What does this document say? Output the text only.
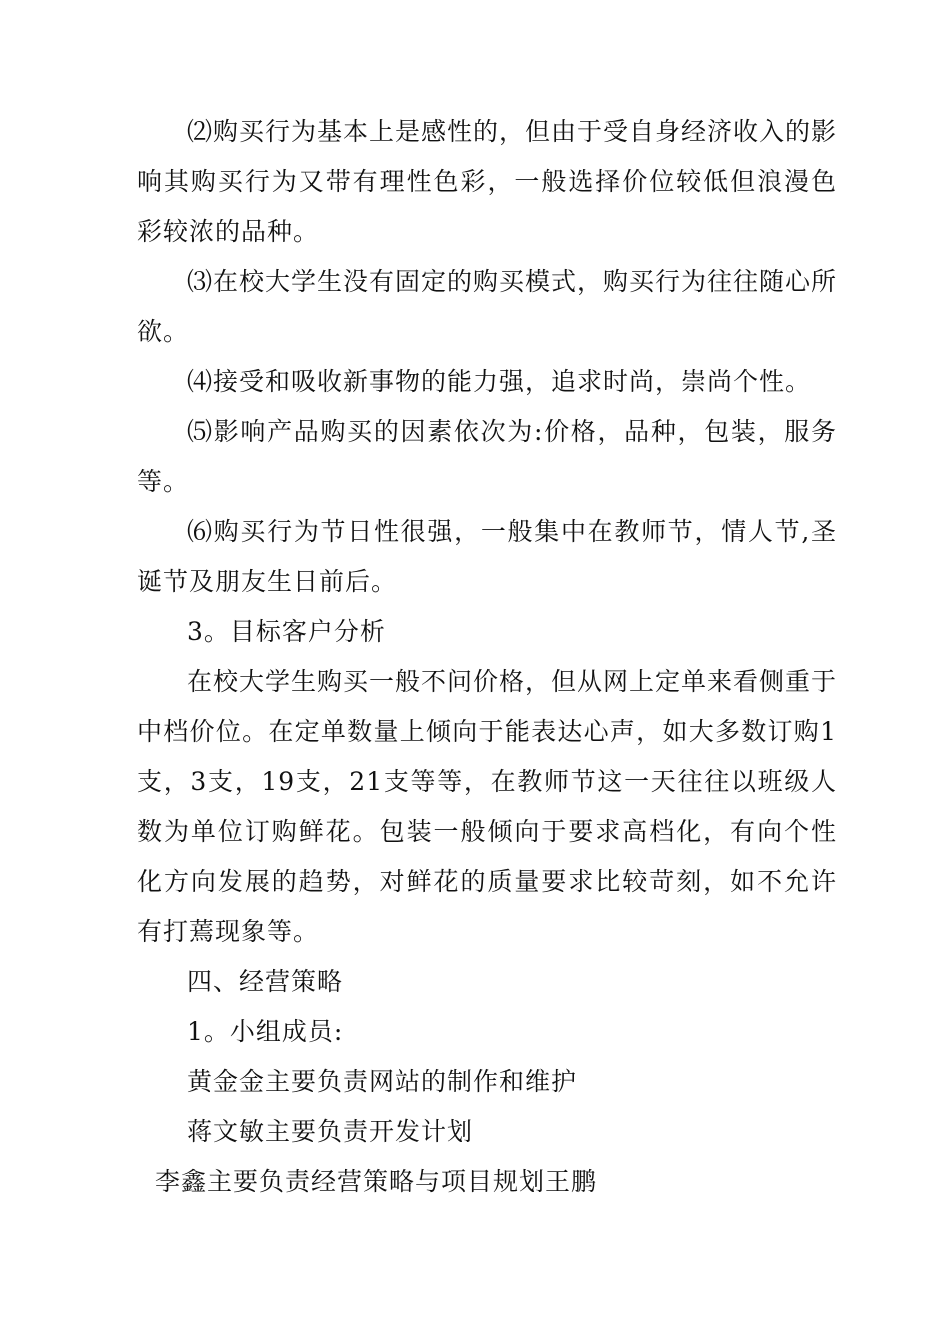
⑵购买行为基本上是感性的，但由于受自身经济收入的影响其购买行为又带有理性色彩，一般选择价位较低但浪漫色彩较浓的品种。

⑶在校大学生没有固定的购买模式，购买行为往往随心所欲。

⑷接受和吸收新事物的能力强，追求时尚，崇尚个性。

⑸影响产品购买的因素依次为:价格，品种，包装，服务等。

⑹购买行为节日性很强，一般集中在教师节，情人节,圣诞节及朋友生日前后。

3。目标客户分析

在校大学生购买一般不问价格，但从网上定单来看侧重于中档价位。在定单数量上倾向于能表达心声，如大多数订购1支，3支，19支，21支等等，在教师节这一天往往以班级人数为单位订购鲜花。包装一般倾向于要求高档化，有向个性化方向发展的趋势，对鲜花的质量要求比较苛刻，如不允许有打蔫现象等。

四、经营策略

1。小组成员:

黄金金主要负责网站的制作和维护

蒋文敏主要负责开发计划

李鑫主要负责经营策略与项目规划王鹏
